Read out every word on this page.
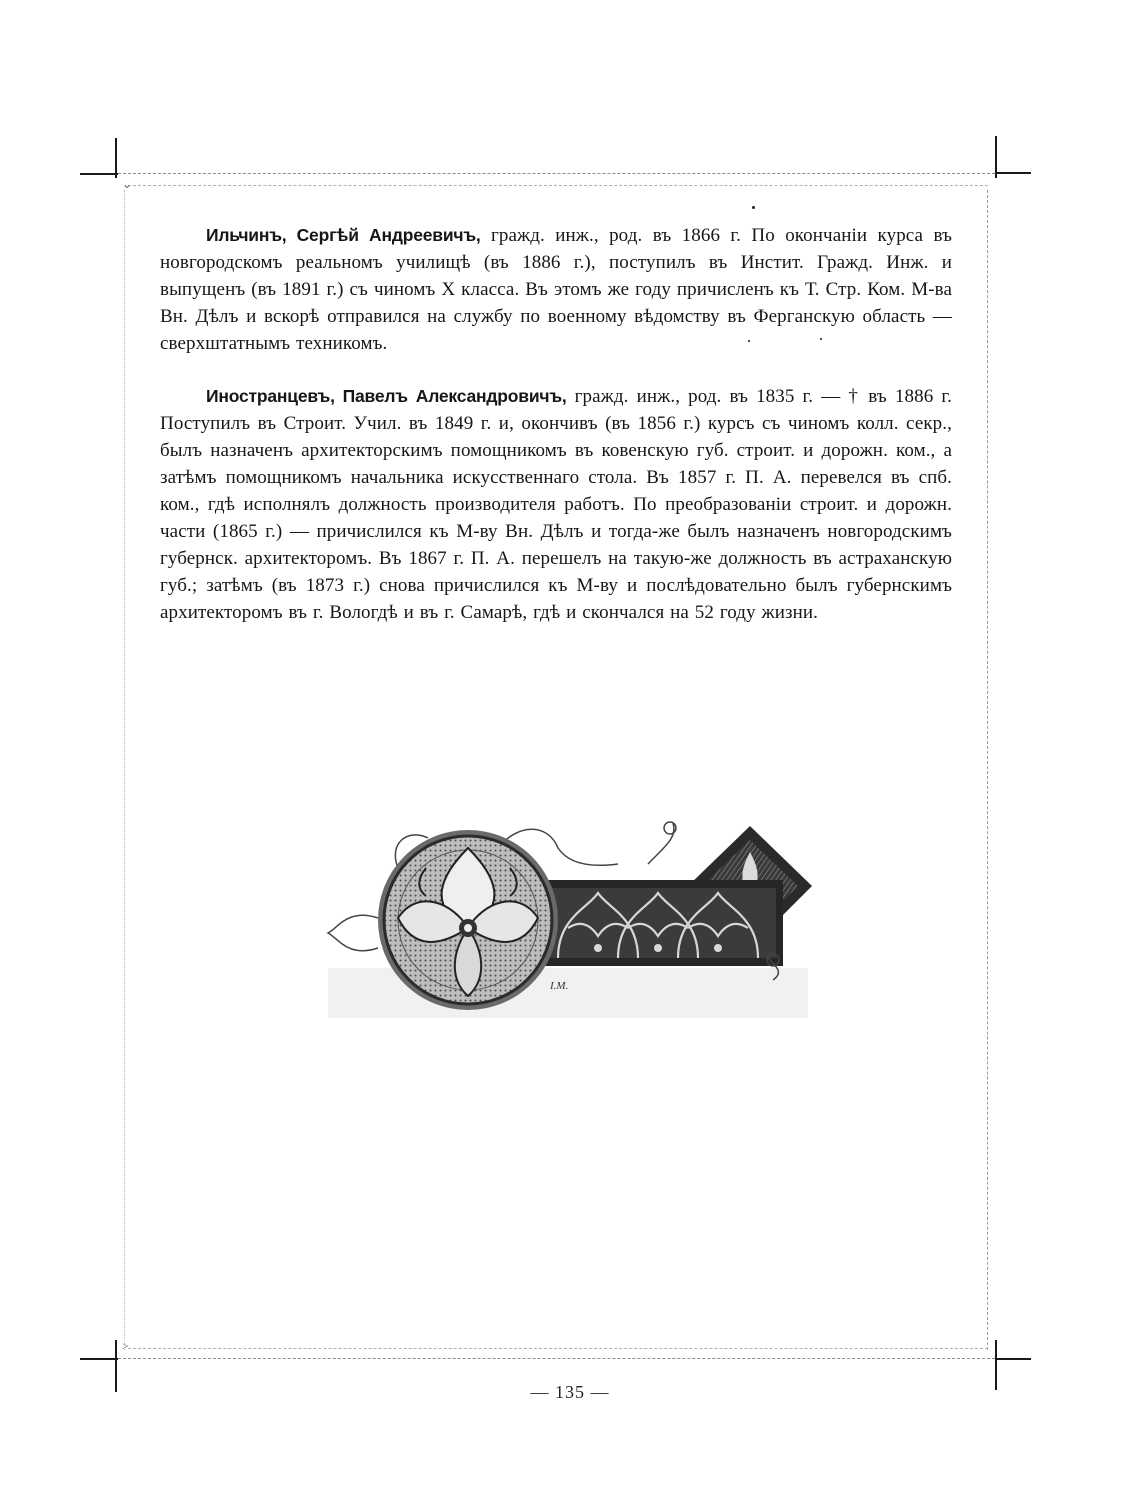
⌄
>

Ильчинъ, Сергѣй Андреевичъ, гражд. инж., род. въ 1866 г. По окончанiи курса въ новгородскомъ реальномъ училищѣ (въ 1886 г.), поступилъ въ Инстит. Гражд. Инж. и выпущенъ (въ 1891 г.) съ чиномъ X класса. Въ этомъ же году причисленъ къ Т. Стр. Ком. М-ва Вн. Дѣлъ и вскорѣ отправился на службу по военному вѣдомству въ Ферганскую область — сверхштатнымъ техникомъ.

Иностранцевъ, Павелъ Александровичъ, гражд. инж., род. въ 1835 г. — † въ 1886 г. Поступилъ въ Строит. Учил. въ 1849 г. и, окончивъ (въ 1856 г.) курсъ съ чиномъ колл. секр., былъ назначенъ архитекторскимъ помощникомъ въ ковенскую губ. строит. и дорожн. ком., а затѣмъ помощникомъ начальника искусственнаго стола. Въ 1857 г. П. А. перевелся въ спб. ком., гдѣ исполнялъ должность производителя работъ. По преобразованiи строит. и дорожн. части (1865 г.) — причислился къ М-ву Вн. Дѣлъ и тогда-же былъ назначенъ новгородскимъ губернск. архитекторомъ. Въ 1867 г. П. А. перешелъ на такую-же должность въ астраханскую губ.; затѣмъ (въ 1873 г.) снова причислился къ М-ву и послѣдовательно былъ губернскимъ архитекторомъ въ г. Вологдѣ и въ г. Самарѣ, гдѣ и скончался на 52 году жизни.

I.M.
— 135 —
